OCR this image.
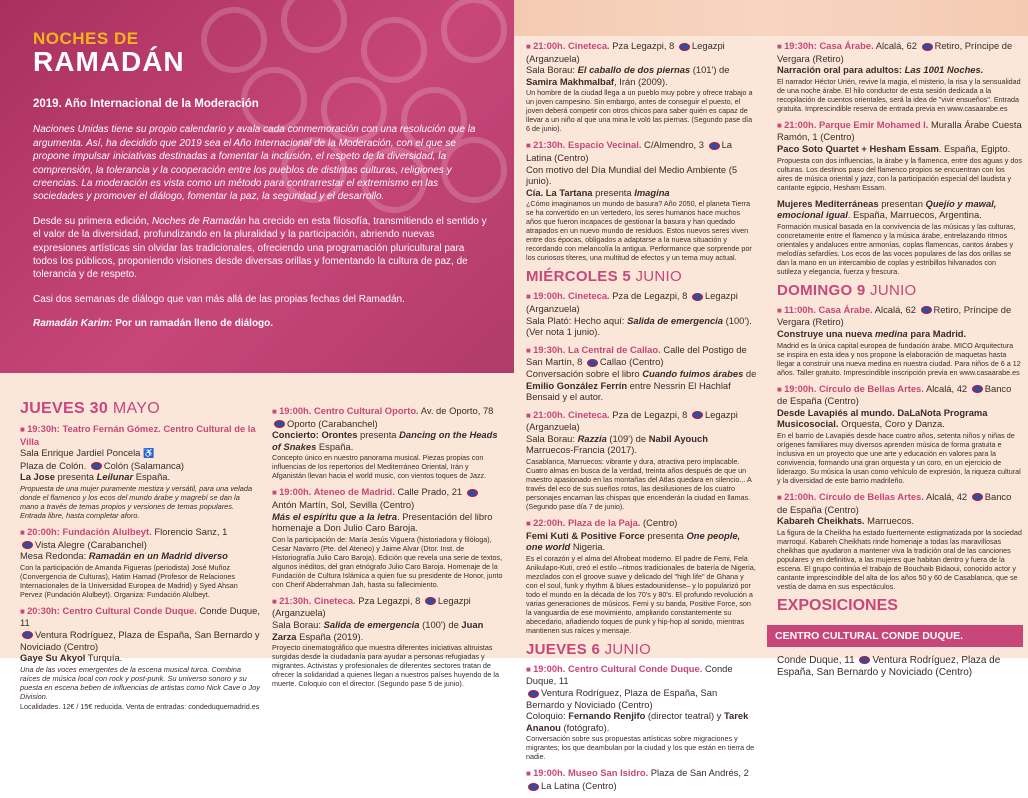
NOCHES DE
RAMADÁN
2019. Año Internacional de la Moderación

Naciones Unidas tiene su propio calendario y avala cada conmemoración con una resolución que la argumenta. Así, ha decidido que 2019 sea el Año Internacional de la Moderación, con el que se propone impulsar iniciativas destinadas a fomentar la inclusión, el respeto de la diversidad, la comprensión, la tolerancia y la cooperación entre los pueblos de distintas culturas, religiones y creencias. La moderación es vista como un método para contrarrestar el extremismo en las sociedades y promover el diálogo, fomentar la paz, la seguridad y el desarrollo.

Desde su primera edición, Noches de Ramadán ha crecido en esta filosofía, transmitiendo el sentido y el valor de la diversidad, profundizando en la pluralidad y la participación, abriendo nuevas expresiones artísticas sin olvidar las tradicionales, ofreciendo una programación pluricultural para todos los públicos, proponiendo visiones desde diversas orillas y fomentando la cultura de paz, de tolerancia y de respeto.

Casi dos semanas de diálogo que van más allá de las propias fechas del Ramadán.

Ramadán Karim: Por un ramadán lleno de diálogo.

JUEVES 30 MAYO
■ 19:30h: Teatro Fernán Gómez. Centro Cultural de la Villa
Sala Enrique Jardiel Poncela ♿
Plaza de Colón. Colón (Salamanca)
La Jose presenta Leilunar España.
Propuesta de una mujer puramente mestiza y versátil, para una velada donde el flamenco y los ecos del mundo árabe y magrebí se dan la mano a través de temas propios y versiones de temas populares. Entrada libre, hasta completar aforo.
■ 20:00h: Fundación Alulbeyt. Florencio Sanz, 1
Vista Alegre (Carabanchel)
Mesa Redonda: Ramadán en un Madrid diverso
Con la participación de Amanda Figueras (periodista) José Muñoz (Convergencia de Culturas), Hatim Hamad (Profesor de Relaciones Internacionales de la Universidad Europea de Madrid) y Syed Ahsan Pervez (Fundación Alulbeyt). Organiza: Fundación Alulbeyt.
■ 20:30h: Centro Cultural Conde Duque. Conde Duque, 11
Ventura Rodríguez, Plaza de España, San Bernardo y Noviciado (Centro)
Gaye Su Akyol Turquía.
Una de las voces emergentes de la escena musical turca. Combina raíces de música local con rock y post-punk. Su universo sonoro y su puesta en escena beben de influencias de artistas como Nick Cave o Joy Division.
Localidades. 12€ / 15€ reducida. Venta de entradas: condeduquemadrid.es
■ 19:00h. Centro Cultural Oporto. Av. de Oporto, 78
Oporto (Carabanchel)
Concierto: Orontes presenta Dancing on the Heads of Snakes España.
Concepto único en nuestro panorama musical. Piezas propias con influencias de los repertorios del Mediterráneo Oriental, Irán y Afganistán llevan hacia el world music, con vientos toques de Jazz.
■ 19:00h. Ateneo de Madrid. Calle Prado, 21 Antón Martín, Sol, Sevilla (Centro)
Más el espíritu que a la letra. Presentación del libro homenaje a Don Julio Caro Baroja.
Con la participación de: María Jesús Viguera (historiadora y filóloga), Cesar Navarro (Pte. del Ateneo) y Jaime Alvar (Dtor. Inst. de Historiografía Julio Caro Baroja). Edición que revela una serie de textos, algunos inéditos, del gran etnógrafo Julio Caro Baroja. Homenaje de la Fundación de Cultura Islámica a quien fue su presidente de Honor, junto con Cherif Abderrahman Jah, hasta su fallecimiento.
■ 21:30h. Cineteca. Pza Legazpi, 8 Legazpi (Arganzuela)
Sala Borau: Salida de emergencia (100') de Juan Zarza España (2019).
Proyecto cinematográfico que muestra diferentes iniciativas altruistas surgidas desde la ciudadanía para ayudar a personas refugiadas y migrantes. Activistas y profesionales de diferentes sectores tratan de ofrecer la solidaridad a quienes llegan a nuestros países huyendo de la muerte. Coloquio con el director. (Segundo pase 5 de junio).
■ 21:00h. Cineteca. Pza Legazpi, 8 Legazpi (Arganzuela)
Sala Borau: El caballo de dos piernas (101') de Samira Makhmalbaf, Irán (2009).
Un hombre de la ciudad llega a un pueblo muy pobre y ofrece trabajo a un joven campesino. Sin embargo, antes de conseguir el puesto, el joven deberá competir con otros chicos para saber quién es capaz de llevar a un niño al que una mina le voló las piernas. (Segundo pase día 6 de junio).
■ 21:30h. Espacio Vecinal. C/Almendro, 3 La Latina (Centro)
Con motivo del Día Mundial del Medio Ambiente (5 junio).
Cía. La Tartana presenta Imagina
¿Cómo imaginamos un mundo de basura? Año 2050, el planeta Tierra se ha convertido en un vertedero, los seres humanos hace muchos años que fueron incapaces de gestionar la basura y han quedado atrapados en un nuevo mundo de residuos. Estos nuevos seres viven entre dos épocas, obligados a adaptarse a la nueva situación y recordando con melancolía la antigua. Performance que sorprende por los curiosos títeres, una multitud de efectos y un tema muy actual.
MIÉRCOLES 5 JUNIO
■ 19:00h. Cineteca. Pza de Legazpi, 8 Legazpi (Arganzuela)
Sala Plató: Hecho aquí: Salida de emergencia (100').
(Ver nota 1 junio).
■ 19:30h. La Central de Callao. Calle del Postigo de San Martín, 8 Callao (Centro)
Conversación sobre el libro Cuando fuimos árabes de Emilio González Ferrín entre Nessrin El Hachlaf Bensaid y el autor.
■ 21:00h. Cineteca. Pza de Legazpi, 8 Legazpi (Arganzuela)
Sala Borau: Razzia (109') de Nabil Ayouch Marruecos-Francia (2017).
Casablanca, Marruecos: vibrante y dura, atractiva pero implacable. Cuatro almas en busca de la verdad, treinta años después de que un maestro apasionado en las montañas del Atlas quedara en silencio... A través del eco de sus sueños rotos, las desilusiones de los cuatro personajes encarnan las chispas que encenderán la ciudad en llamas. (Segundo pase día 7 de junio).
■ 22:00h. Plaza de la Paja. (Centro)
Femi Kuti & Positive Force presenta One people, one world Nigeria.
Es el corazón y el alma del Afrobeat moderno. El padre de Femi, Fela Anikulapo-Kuti, creó el estilo –ritmos tradicionales de batería de Nigeria, mezclados con el groove suave y delicado del "high life" de Ghana y con el soul, funk y rhythm & blues estadounidense– y lo popularizó por todo el mundo en la década de los 70's y 80's. El profundo revolución a varias generaciones de músicos. Femi y su banda, Positive Force, son la vanguardia de ese movimiento, ampliando constantemente su abecedario, añadiendo toques de punk y hip-hop al sonido, mientras mantienen sus raíces y mensaje.
JUEVES 6 JUNIO
■ 19:00h. Centro Cultural Conde Duque. Conde Duque, 11
Ventura Rodríguez, Plaza de España, San Bernardo y Noviciado (Centro)
Coloquio: Fernando Renjifo (director teatral) y Tarek Ananou (fotógrafo).
Conversación sobre sus propuestas artísticas sobre migraciones y migrantes; los que deambulan por la ciudad y los que están en tierra de nadie.
■ 19:00h. Museo San Isidro. Plaza de San Andrés, 2
La Latina (Centro)
■ 19:30h: Casa Árabe. Alcalá, 62 Retiro, Príncipe de Vergara (Retiro)
Narración oral para adultos: Las 1001 Noches.
El narrador Héctor Urién, revive la magia, el misterio, la risa y la sensualidad de una noche árabe. El hilo conductor de esta sesión dedicada a la recopilación de cuentos orientales, será la idea de "vivir ensueños". Entrada gratuita. Imprescindible reserva de entrada previa en www.casaarabe.es
■ 21:00h. Parque Emir Mohamed I. Muralla Árabe Cuesta Ramón, 1 (Centro)
Paco Soto Quartet + Hesham Essam. España, Egipto.
Propuesta con dos influencias, la árabe y la flamenca, entre dos aguas y dos culturas. Los destinos paso del flamenco propios se encuentran con los aires de música oriental y jazz, con la participación especial del laudista y cantante egipcio, Hesham Essam.
Mujeres Mediterráneas presentan Quejío y mawal, emocional igual. España, Marruecos, Argentina.
Formación musical basada en la convivencia de las músicas y las culturas, concretamente entre el flamenco y la música árabe, entrelazando ritmos orientales y andaluces entre armonías, coplas flamencas, cantos árabes y melodías sefardíes. Los ecos de las voces populares de las dos orillas se dan la mano en un intercambio de coplas y estribillos hilvanados con sutileza y elegancia, fuerza y frescura.
DOMINGO 9 JUNIO
■ 11:00h. Casa Árabe. Alcalá, 62 Retiro, Príncipe de Vergara (Retiro)
Construye una nueva medina para Madrid.
Madrid es la única capital europea de fundación árabe. MICO Arquitectura se inspira en esta idea y nos propone la elaboración de maquetas hasta llegar a construir una nueva medina en nuestra ciudad. Para niños de 6 a 12 años. Taller gratuito. Imprescindible inscripción previa en www.casaarabe.es
■ 19:00h. Círculo de Bellas Artes. Alcalá, 42 Banco de España (Centro)
Desde Lavapiés al mundo. DaLaNota Programa Musicosocial. Orquesta, Coro y Danza.
En el barrio de Lavapiés desde hace cuatro años, setenta niños y niñas de orígenes familiares muy diversos aprenden música de forma gratuita e inclusiva en un proyecto que une arte y educación en valores para la convivencia, formando una gran orquesta y un coro, en un ejercicio de liderazgo. Su música la usan como vehículo de expresión, la riqueza cultural y la diversidad de este barrio madrileño.
■ 21:00h. Círculo de Bellas Artes. Alcalá, 42 Banco de España (Centro)
Kabareh Cheikhats. Marruecos.
La figura de la Cheikha ha estado fuertemente estigmatizada por la sociedad marroquí. Kabareh Cheikhats rinde homenaje a todas las maravillosas cheikhas que ayudaron a mantener viva la tradición oral de las canciones populares y en definitiva, a las mujeres que habitan dentro y fuera de la escena. El grupo continúa el trabajo de Bouchaib Bidaoui, conocido actor y cantante imprescindible del alta de los años 50 y 60 de Casablanca, que se vestía de dama en sus espectáculos.
EXPOSICIONES
CENTRO CULTURAL CONDE DUQUE.
Conde Duque, 11 Ventura Rodríguez, Plaza de España, San Bernardo y Noviciado (Centro)
